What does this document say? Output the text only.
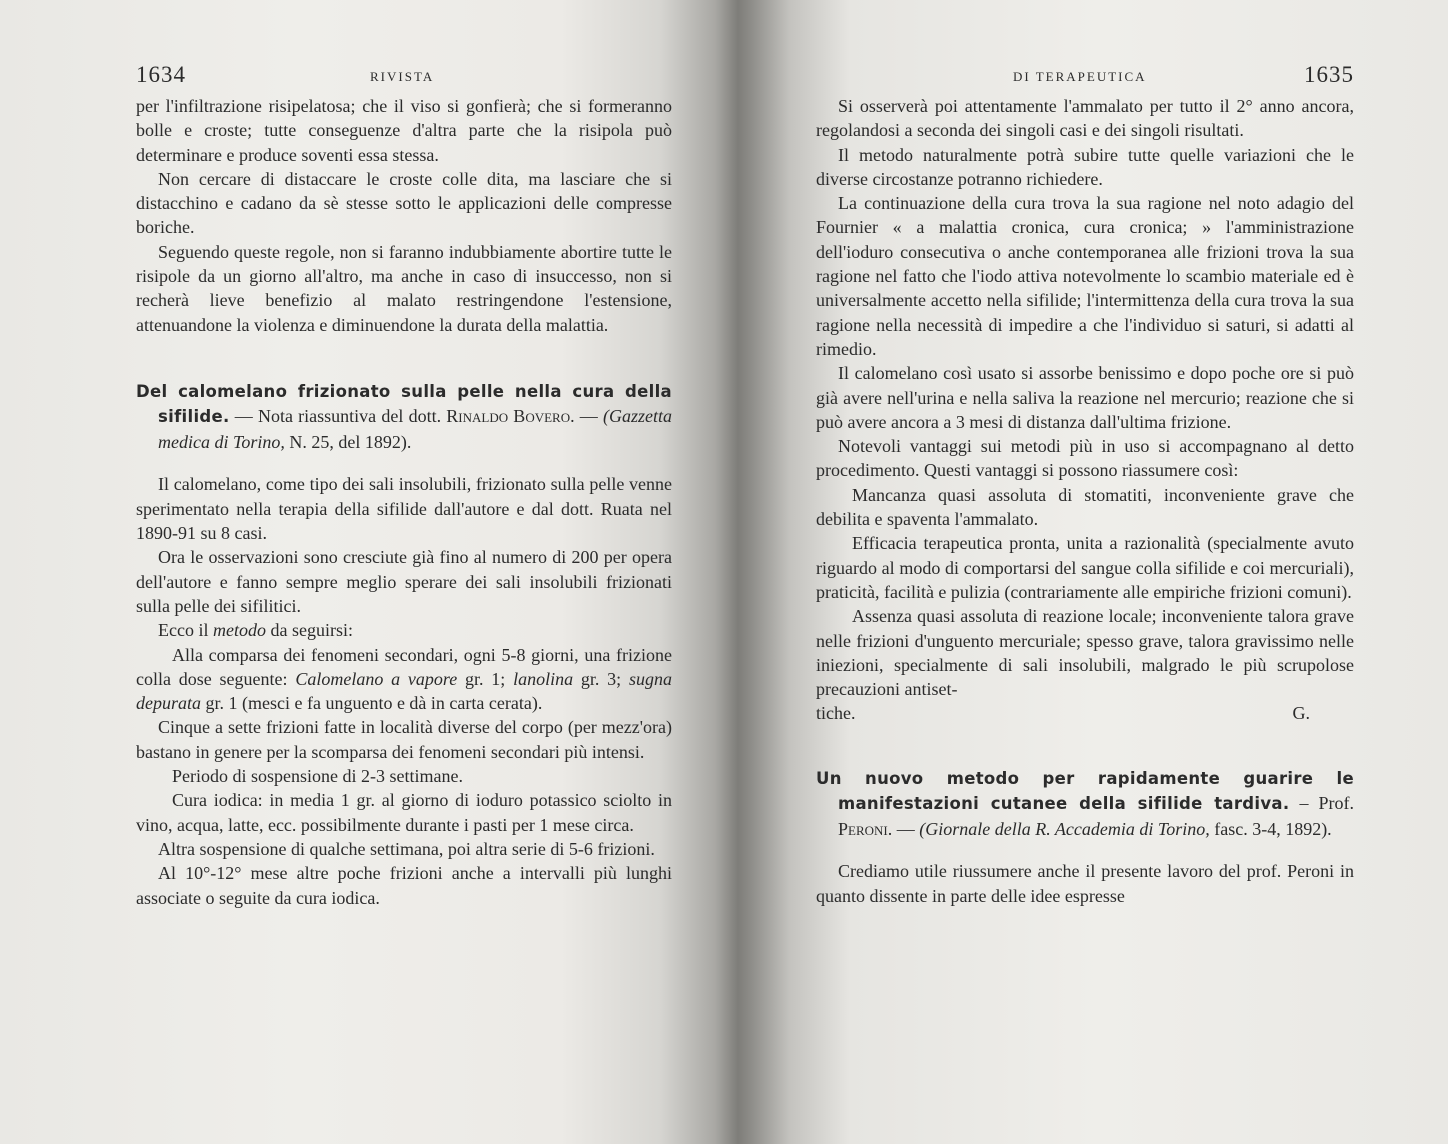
1634	RIVISTA

per l'infiltrazione risipelatosa; che il viso si gonfierà; che si formeranno bolle e croste; tutte conseguenze d'altra parte che la risipola può determinare e produce soventi essa stessa.

Non cercare di distaccare le croste colle dita, ma lasciare che si distacchino e cadano da sè stesse sotto le applicazioni delle compresse boriche.

Seguendo queste regole, non si faranno indubbiamente abortire tutte le risipole da un giorno all'altro, ma anche in caso di insuccesso, non si recherà lieve benefizio al malato restringendone l'estensione, attenuandone la violenza e diminuendone la durata della malattia.

Del calomelano frizionato sulla pelle nella cura della sifilide. — Nota riassuntiva del dott. Rinaldo Bovero. — (Gazzetta medica di Torino, N. 25, del 1892).

Il calomelano, come tipo dei sali insolubili, frizionato sulla pelle venne sperimentato nella terapia della sifilide dall'autore e dal dott. Ruata nel 1890-91 su 8 casi.

Ora le osservazioni sono cresciute già fino al numero di 200 per opera dell'autore e fanno sempre meglio sperare dei sali insolubili frizionati sulla pelle dei sifilitici.

Ecco il metodo da seguirsi:

Alla comparsa dei fenomeni secondari, ogni 5-8 giorni, una frizione colla dose seguente: Calomelano a vapore gr. 1; lanolina gr. 3; sugna depurata gr. 1 (mesci e fa unguento e dà in carta cerata).

Cinque a sette frizioni fatte in località diverse del corpo (per mezz'ora) bastano in genere per la scomparsa dei fenomeni secondari più intensi.

Periodo di sospensione di 2-3 settimane.

Cura iodica: in media 1 gr. al giorno di ioduro potassico sciolto in vino, acqua, latte, ecc. possibilmente durante i pasti per 1 mese circa.

Altra sospensione di qualche settimana, poi altra serie di 5-6 frizioni.

Al 10°-12° mese altre poche frizioni anche a intervalli più lunghi associate o seguite da cura iodica.

DI TERAPEUTICA	1635

Si osserverà poi attentamente l'ammalato per tutto il 2° anno ancora, regolandosi a seconda dei singoli casi e dei singoli risultati.

Il metodo naturalmente potrà subire tutte quelle variazioni che le diverse circostanze potranno richiedere.

La continuazione della cura trova la sua ragione nel noto adagio del Fournier « a malattia cronica, cura cronica; » l'amministrazione dell'ioduro consecutiva o anche contemporanea alle frizioni trova la sua ragione nel fatto che l'iodo attiva notevolmente lo scambio materiale ed è universalmente accetto nella sifilide; l'intermittenza della cura trova la sua ragione nella necessità di impedire a che l'individuo si saturi, si adatti al rimedio.

Il calomelano così usato si assorbe benissimo e dopo poche ore si può già avere nell'urina e nella saliva la reazione nel mercurio; reazione che si può avere ancora a 3 mesi di distanza dall'ultima frizione.

Notevoli vantaggi sui metodi più in uso si accompagnano al detto procedimento. Questi vantaggi si possono riassumere così:

Mancanza quasi assoluta di stomatiti, inconveniente grave che debilita e spaventa l'ammalato.

Efficacia terapeutica pronta, unita a razionalità (specialmente avuto riguardo al modo di comportarsi del sangue colla sifilide e coi mercuriali), praticità, facilità e pulizia (contrariamente alle empiriche frizioni comuni).

Assenza quasi assoluta di reazione locale; inconveniente talora grave nelle frizioni d'unguento mercuriale; spesso grave, talora gravissimo nelle iniezioni, specialmente di sali insolubili, malgrado le più scrupolose precauzioni antiset-

tiche.	G.

Un nuovo metodo per rapidamente guarire le manifestazioni cutanee della sifilide tardiva. – Prof. Peroni. — (Giornale della R. Accademia di Torino, fasc. 3-4, 1892).

Crediamo utile riussumere anche il presente lavoro del prof. Peroni in quanto dissente in parte delle idee espresse
